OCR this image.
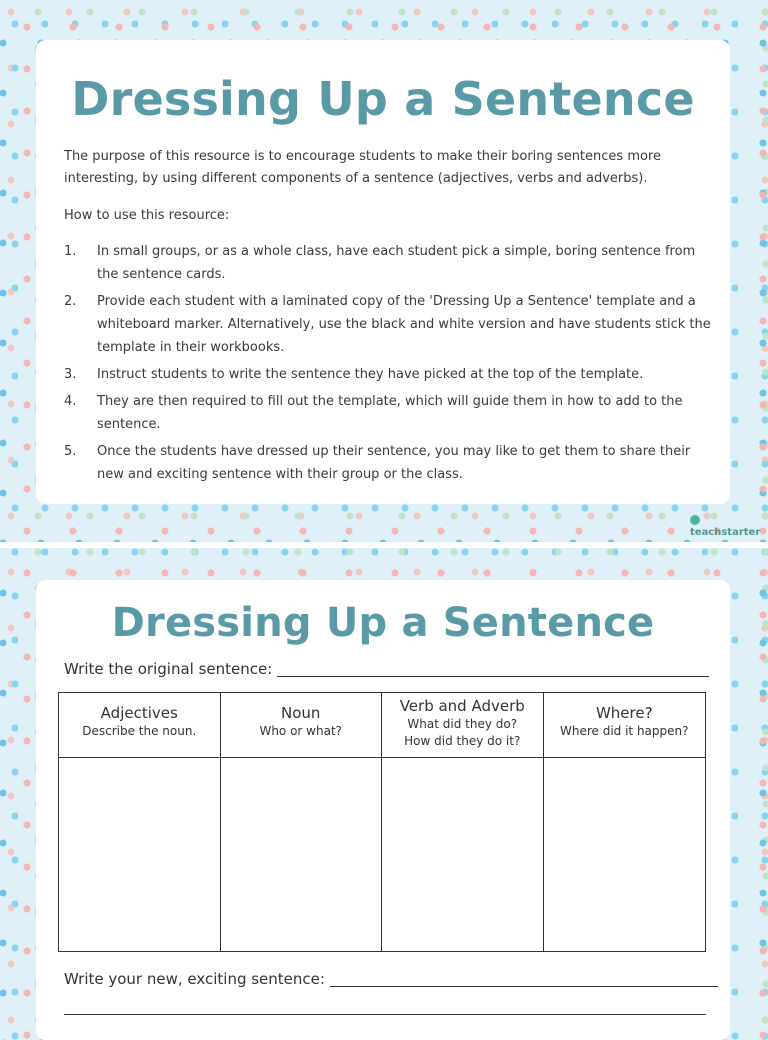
Dressing Up a Sentence

The purpose of this resource is to encourage students to make their boring sentences more interesting, by using different components of a sentence (adjectives, verbs and adverbs).

How to use this resource:

1. In small groups, or as a whole class, have each student pick a simple, boring sentence from the sentence cards.
2. Provide each student with a laminated copy of the 'Dressing Up a Sentence' template and a whiteboard marker. Alternatively, use the black and white version and have students stick the template in their workbooks.
3. Instruct students to write the sentence they have picked at the top of the template.
4. They are then required to fill out the template, which will guide them in how to add to the sentence.
5. Once the students have dressed up their sentence, you may like to get them to share their new and exciting sentence with their group or the class.
teachstarter
Dressing Up a Sentence
Write the original sentence:
Adjectives
Describe the noun.
Noun
Who or what?
Verb and Adverb
What did they do?
How did they do it?
Where?
Where did it happen?
Write your new, exciting sentence:
